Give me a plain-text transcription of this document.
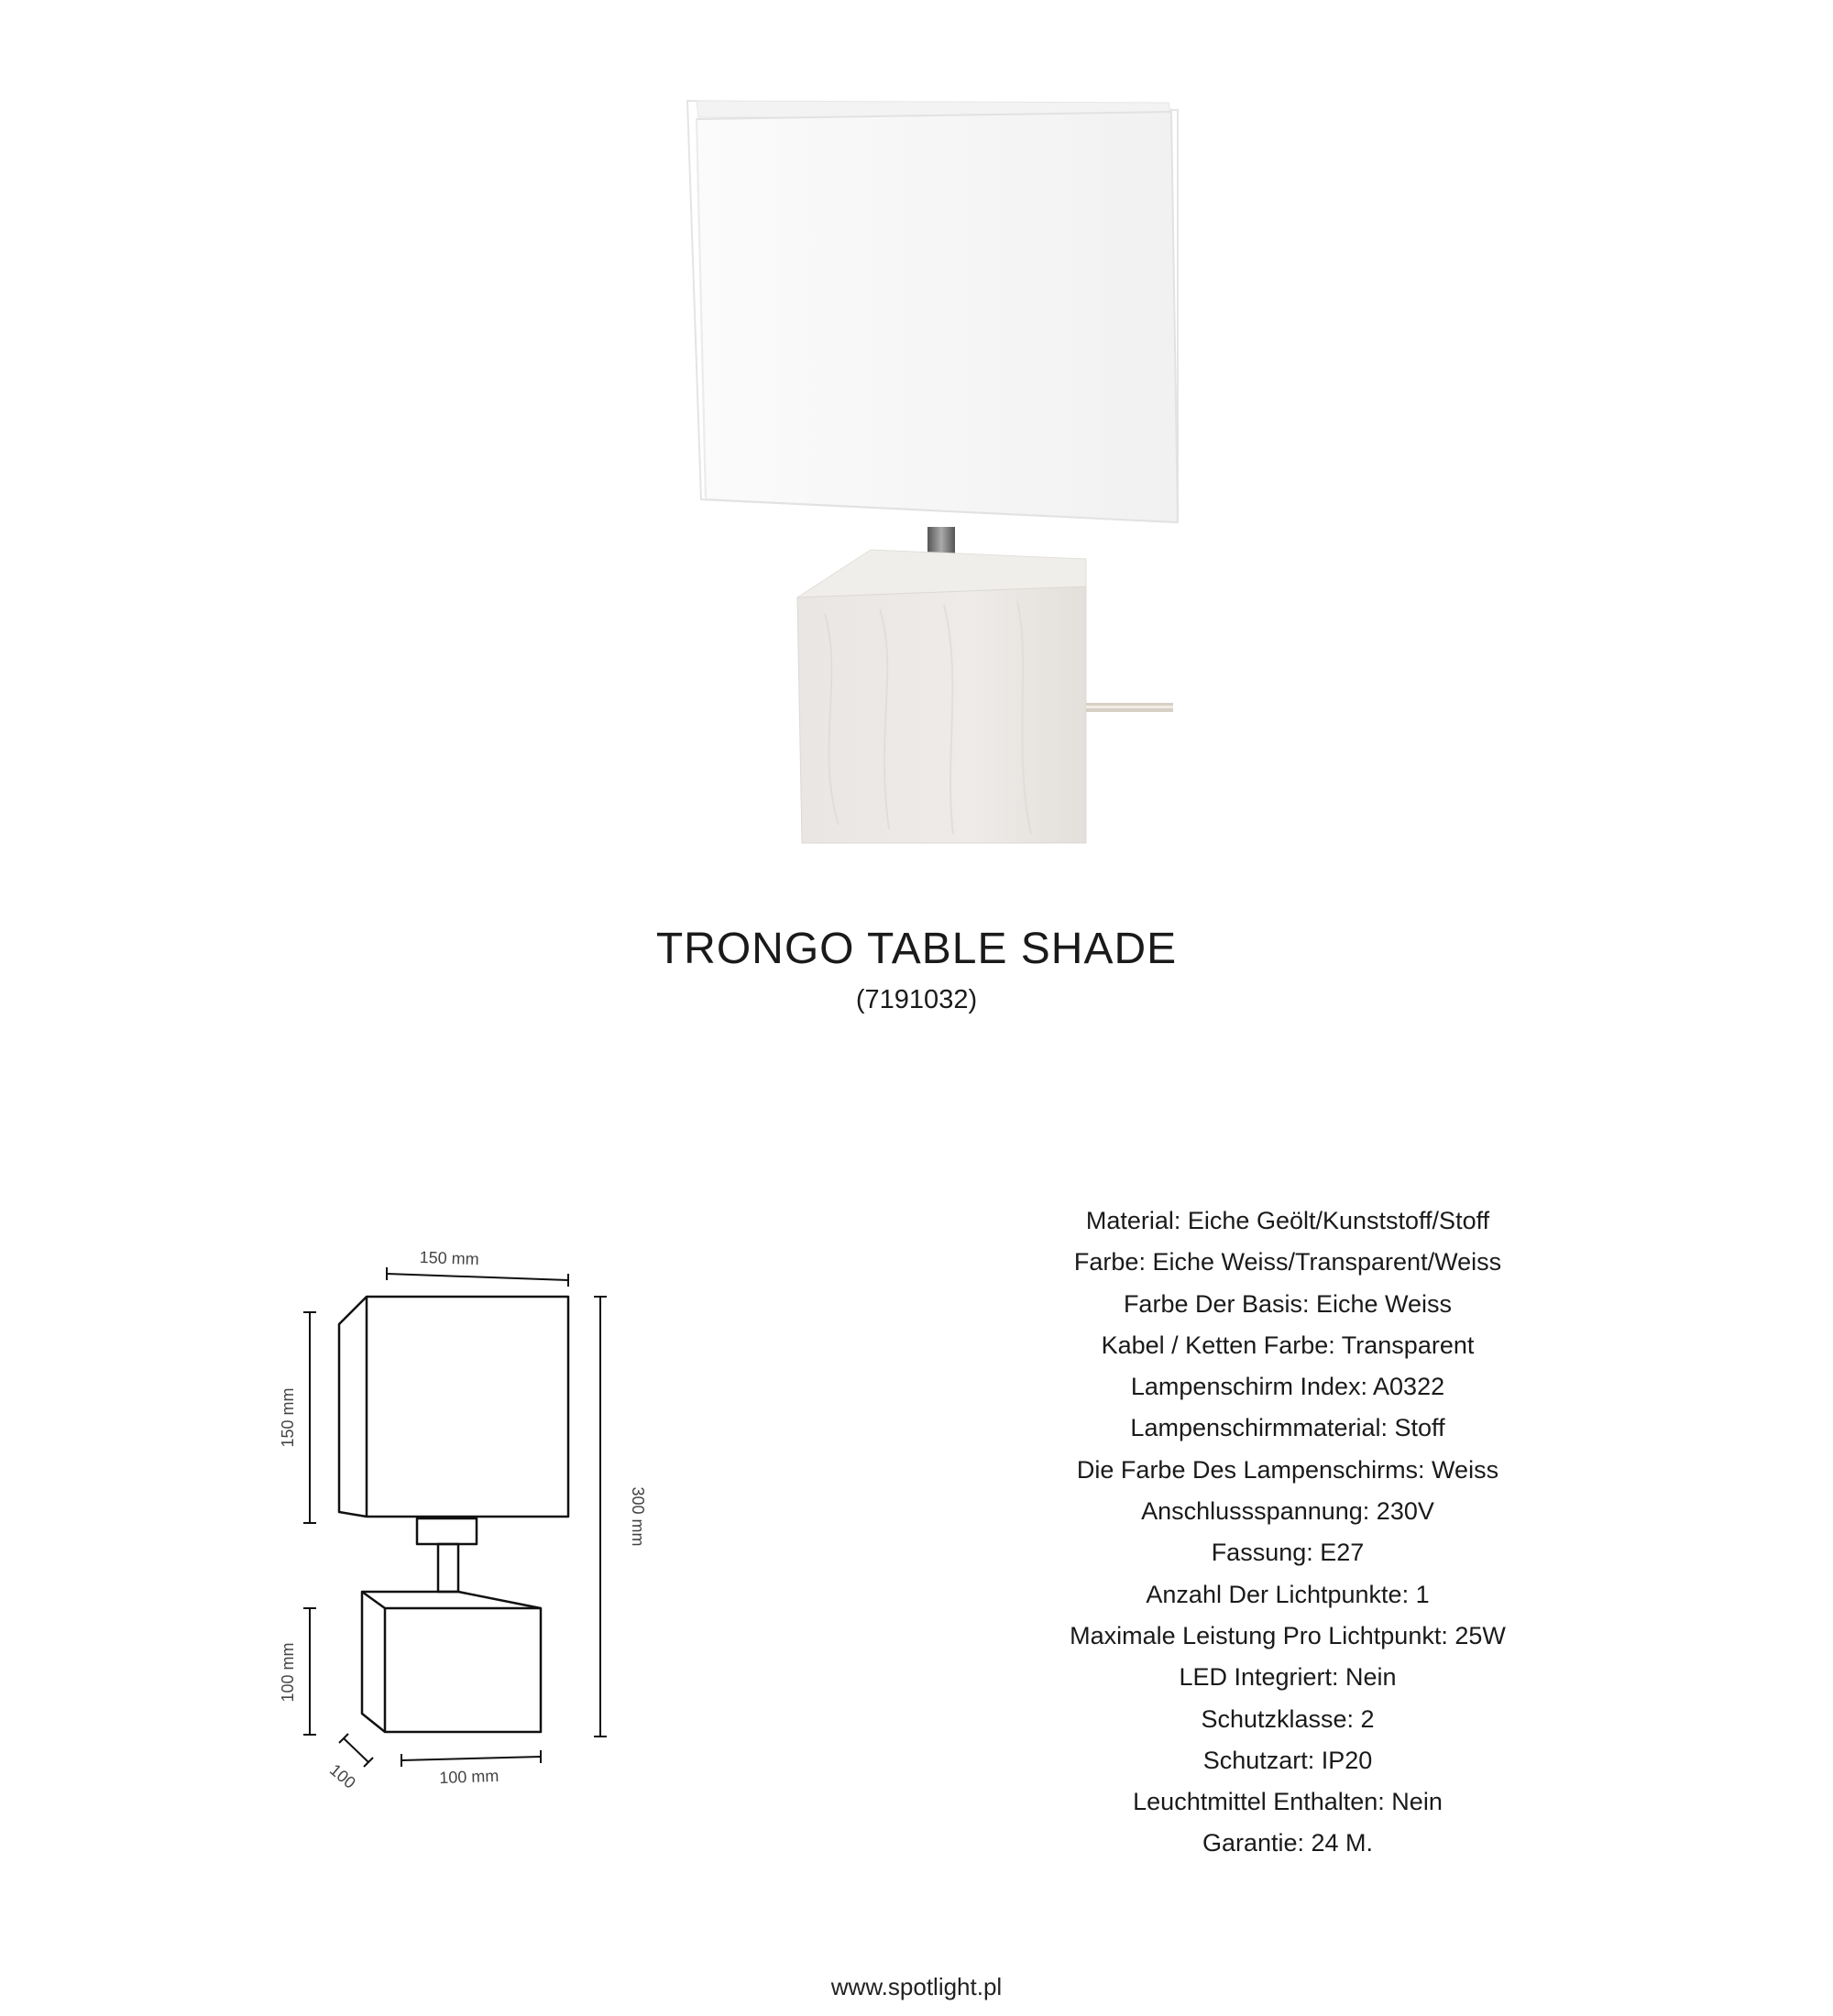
TRONGO TABLE SHADE
(7191032)
150 mm
150 mm
300 mm
100 mm
100	100 mm
Material: Eiche Geölt/Kunststoff/Stoff
Farbe: Eiche Weiss/Transparent/Weiss
Farbe Der Basis: Eiche Weiss
Kabel / Ketten Farbe: Transparent
Lampenschirm Index: A0322
Lampenschirmmaterial: Stoff
Die Farbe Des Lampenschirms: Weiss
Anschlussspannung: 230V
Fassung: E27
Anzahl Der Lichtpunkte: 1
Maximale Leistung Pro Lichtpunkt: 25W
LED Integriert: Nein
Schutzklasse: 2
Schutzart: IP20
Leuchtmittel Enthalten: Nein
Garantie: 24 M.
www.spotlight.pl
